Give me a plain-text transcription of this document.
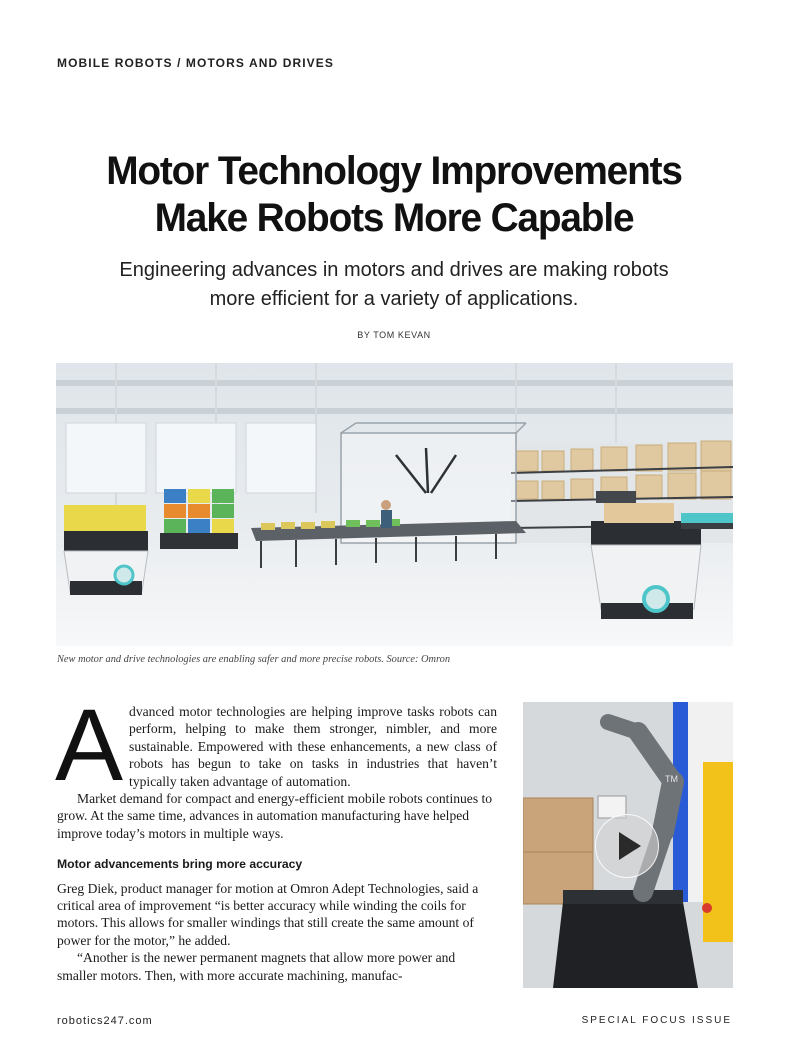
MOBILE ROBOTS / MOTORS AND DRIVES
Motor Technology Improvements
Make Robots More Capable
Engineering advances in motors and drives are making robots
more efficient for a variety of applications.
BY TOM KEVAN
New motor and drive technologies are enabling safer and more precise robots. Source: Omron
A dvanced motor technologies are helping improve tasks robots can perform, helping to make them stronger, nimbler, and more sustainable. Empowered with these enhancements, a new class of robots has begun to take on tasks in industries that haven’t typically taken advantage of automation.

Market demand for compact and energy-efficient mobile robots continues to grow. At the same time, advances in automation manufacturing have helped improve today’s motors in multiple ways.

Motor advancements bring more accuracy

Greg Diek, product manager for motion at Omron Adept Technologies, said a critical area of improvement “is better accuracy while winding the coils for motors. This allows for smaller windings that still create the same amount of power for the motor,” he added.

“Another is the newer permanent magnets that allow more power and smaller motors. Then, with more accurate machining, manufac-

TM
robotics247.com	SPECIAL FOCUS ISSUE
